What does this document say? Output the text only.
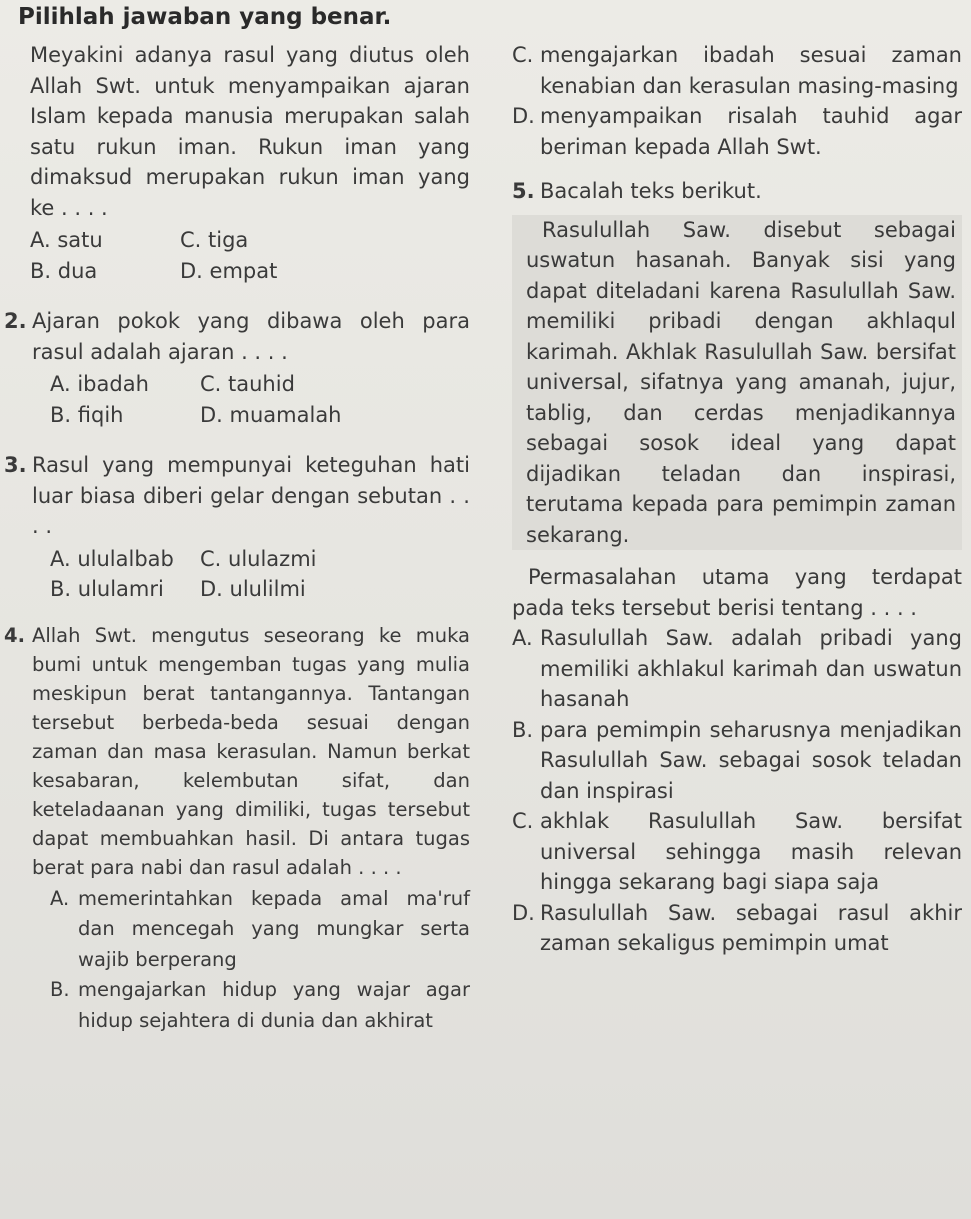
Pilihlah jawaban yang benar.
Meyakini adanya rasul yang diutus oleh Allah Swt. untuk menyampaikan ajaran Islam kepada manusia merupakan salah satu rukun iman. Rukun iman yang dimaksud merupakan rukun iman yang ke . . . .
A. satu	C. tiga
B. dua	D. empat
2. Ajaran pokok yang dibawa oleh para rasul adalah ajaran . . . .
A. ibadah	C. tauhid
B. fiqih	D. muamalah
3. Rasul yang mempunyai keteguhan hati luar biasa diberi gelar dengan sebutan . . . .
A. ululalbab	C. ululazmi
B. ululamri	D. ululilmi
4. Allah Swt. mengutus seseorang ke muka bumi untuk mengemban tugas yang mulia meskipun berat tantangannya. Tantangan tersebut berbeda-beda sesuai dengan zaman dan masa kerasulan. Namun berkat kesabaran, kelembutan sifat, dan keteladaanan yang dimiliki, tugas tersebut dapat membuahkan hasil. Di antara tugas berat para nabi dan rasul adalah . . . .
A. memerintahkan kepada amal ma'ruf dan mencegah yang mungkar serta wajib berperang
B. mengajarkan hidup yang wajar agar hidup sejahtera di dunia dan akhirat
C. mengajarkan ibadah sesuai zaman kenabian dan kerasulan masing-masing
D. menyampaikan risalah tauhid agar beriman kepada Allah Swt.
5. Bacalah teks berikut.
Rasulullah Saw. disebut sebagai uswatun hasanah. Banyak sisi yang dapat diteladani karena Rasulullah Saw. memiliki pribadi dengan akhlaqul karimah. Akhlak Rasulullah Saw. bersifat universal, sifatnya yang amanah, jujur, tablig, dan cerdas menjadikannya sebagai sosok ideal yang dapat dijadikan teladan dan inspirasi, terutama kepada para pemimpin zaman sekarang.
Permasalahan utama yang terdapat pada teks tersebut berisi tentang . . . .
A. Rasulullah Saw. adalah pribadi yang memiliki akhlakul karimah dan uswatun hasanah
B. para pemimpin seharusnya menjadikan Rasulullah Saw. sebagai sosok teladan dan inspirasi
C. akhlak Rasulullah Saw. bersifat universal sehingga masih relevan hingga sekarang bagi siapa saja
D. Rasulullah Saw. sebagai rasul akhir zaman sekaligus pemimpin umat
